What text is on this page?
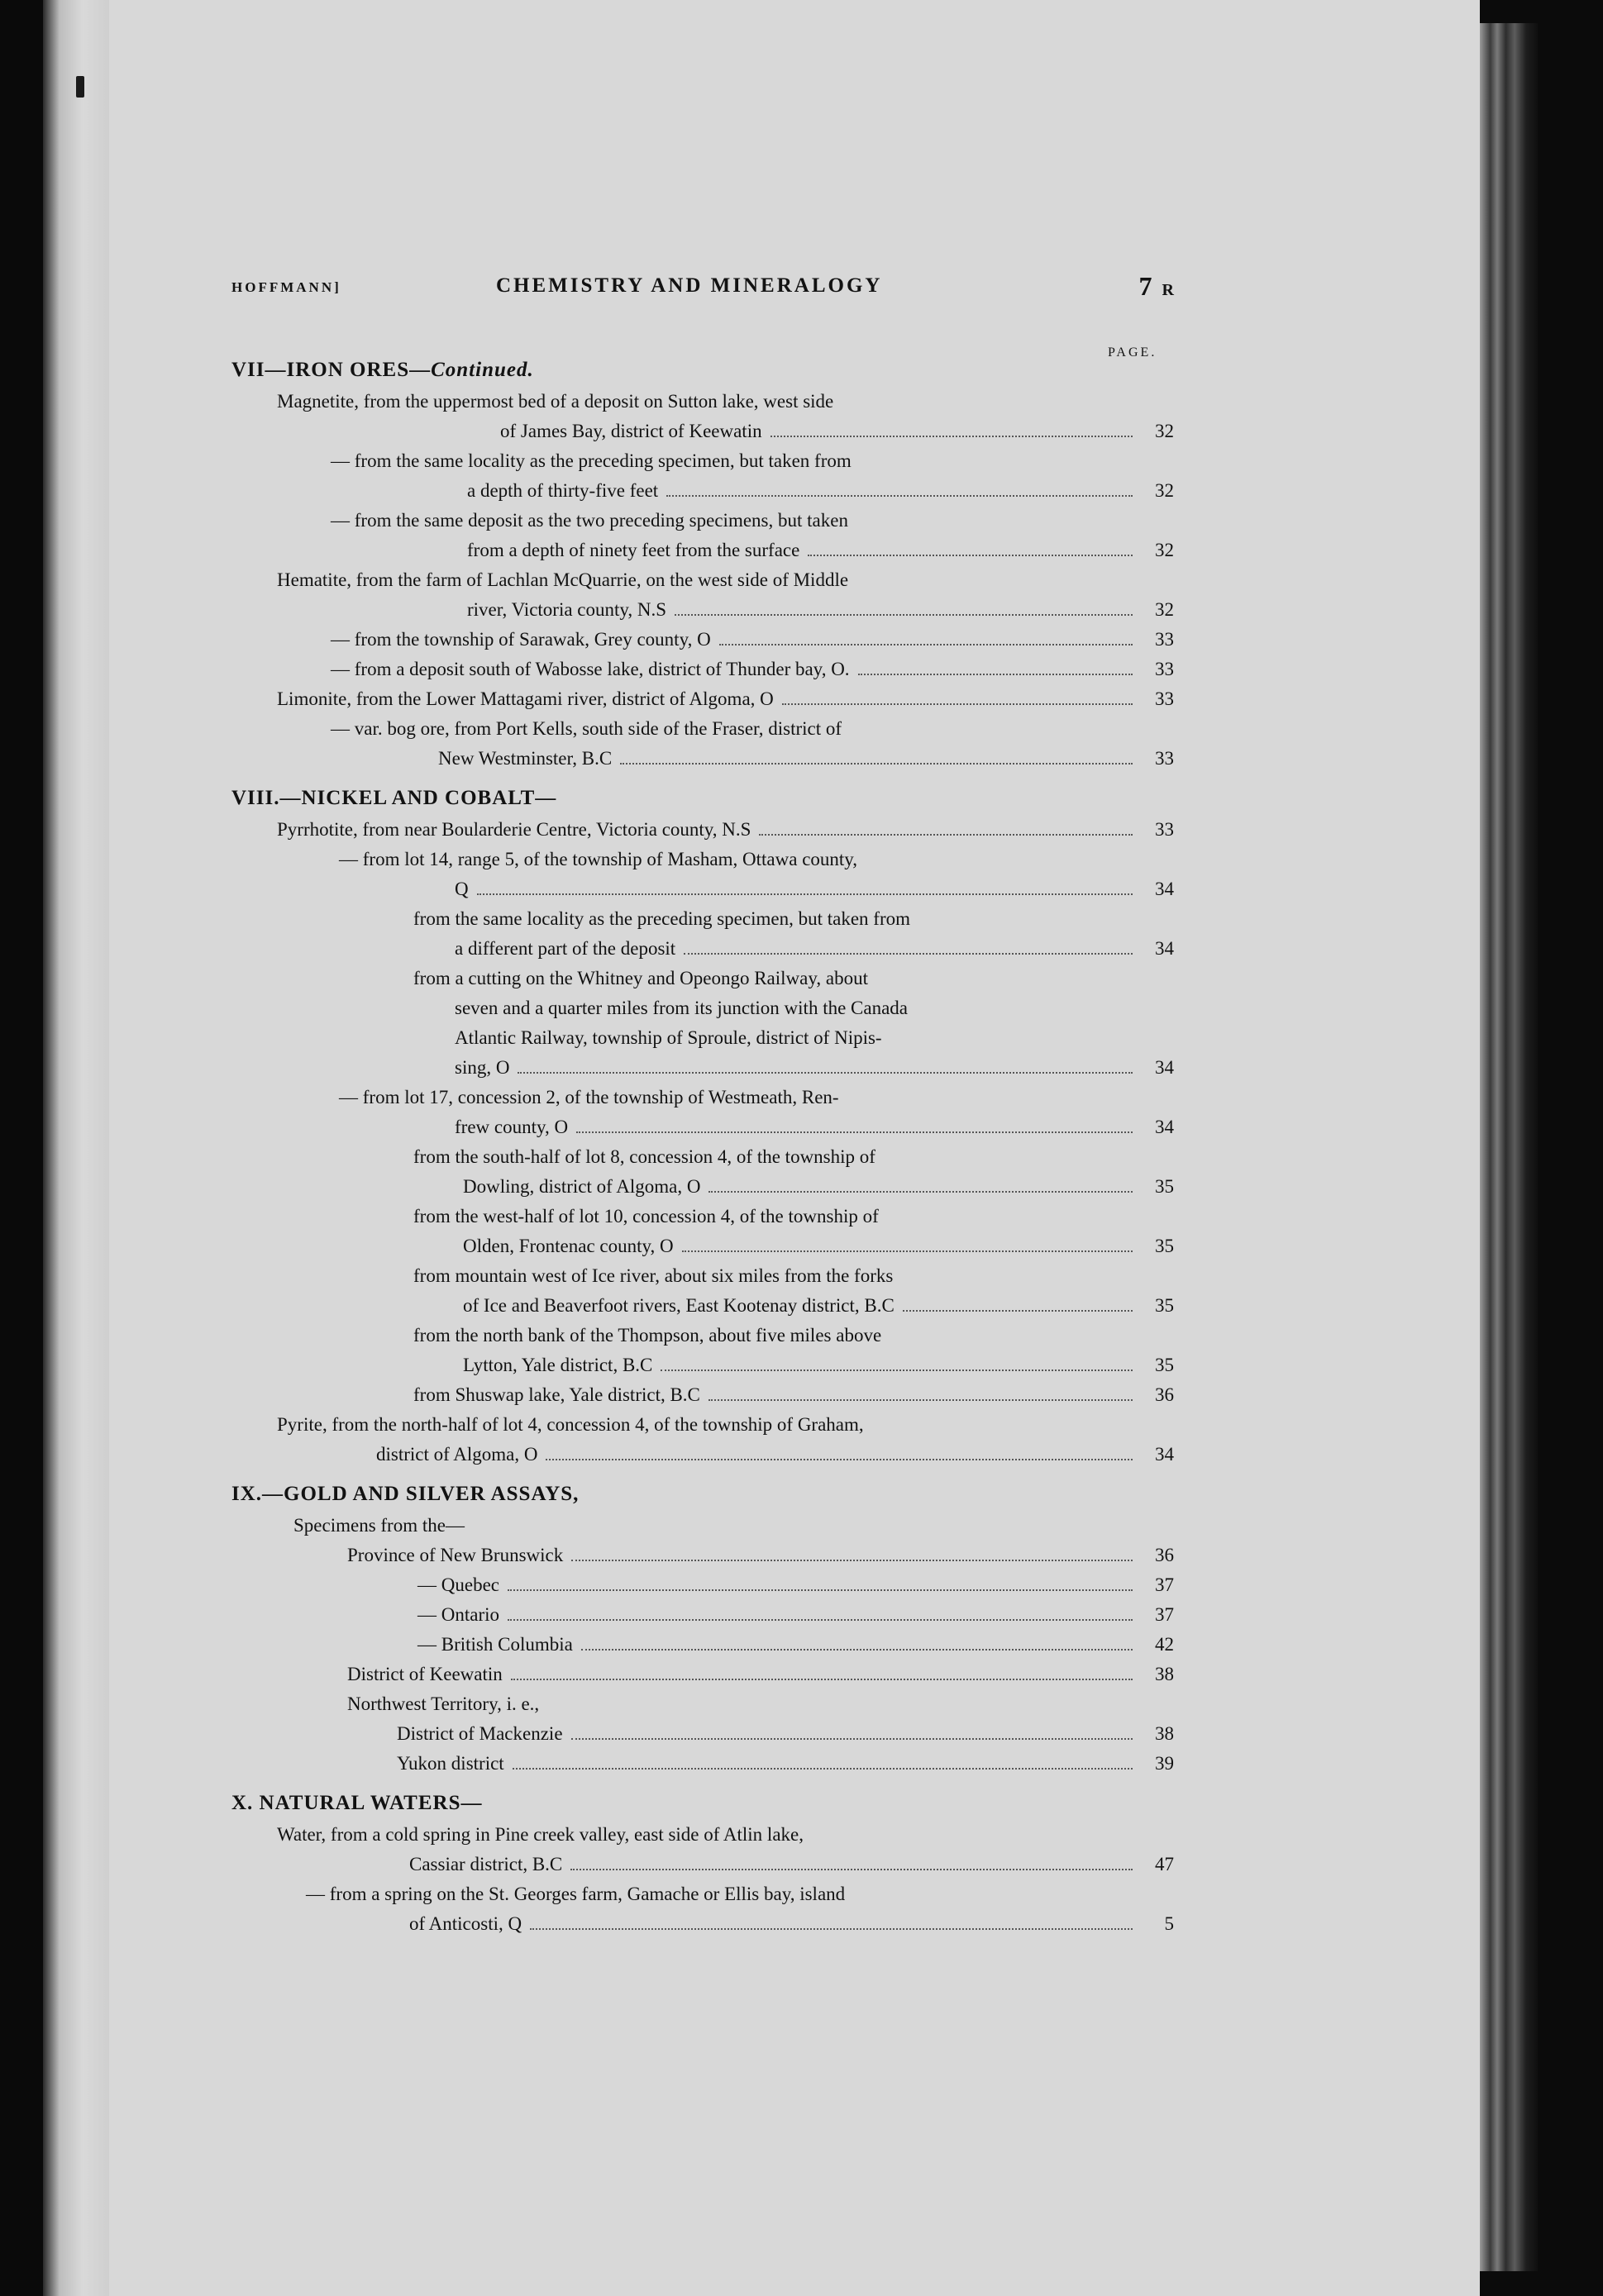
HOFFMANN]	CHEMISTRY AND MINERALOGY	7 R
PAGE.
VII—IRON ORES—Continued.
Magnetite, from the uppermost bed of a deposit on Sutton lake, west side
of James Bay, district of Keewatin	32
— from the same locality as the preceding specimen, but taken from
a depth of thirty-five feet	32
— from the same deposit as the two preceding specimens, but taken
from a depth of ninety feet from the surface	32
Hematite, from the farm of Lachlan McQuarrie, on the west side of Middle
river, Victoria county, N.S	32
— from the township of Sarawak, Grey county, O	33
— from a deposit south of Wabosse lake, district of Thunder bay, O.	33
Limonite, from the Lower Mattagami river, district of Algoma, O	33
— var. bog ore, from Port Kells, south side of the Fraser, district of
New Westminster, B.C	33
VIII.—NICKEL AND COBALT—
Pyrrhotite, from near Boularderie Centre, Victoria county, N.S	33
— from lot 14, range 5, of the township of Masham, Ottawa county,
Q	34
from the same locality as the preceding specimen, but taken from
a different part of the deposit	34
from a cutting on the Whitney and Opeongo Railway, about
seven and a quarter miles from its junction with the Canada
Atlantic Railway, township of Sproule, district of Nipis-
sing, O	34
— from lot 17, concession 2, of the township of Westmeath, Ren-
frew county, O	34
from the south-half of lot 8, concession 4, of the township of
Dowling, district of Algoma, O	35
from the west-half of lot 10, concession 4, of the township of
Olden, Frontenac county, O	35
from mountain west of Ice river, about six miles from the forks
of Ice and Beaverfoot rivers, East Kootenay district, B.C	35
from the north bank of the Thompson, about five miles above
Lytton, Yale district, B.C	35
from Shuswap lake, Yale district, B.C	36
Pyrite, from the north-half of lot 4, concession 4, of the township of Graham,
district of Algoma, O	34
IX.—GOLD AND SILVER ASSAYS,
Specimens from the—
Province of New Brunswick	36
— Quebec	37
— Ontario	37
— British Columbia	42
District of Keewatin	38
Northwest Territory, i. e.,
District of Mackenzie	38
Yukon district	39
X. NATURAL WATERS—
Water, from a cold spring in Pine creek valley, east side of Atlin lake,
Cassiar district, B.C	47
— from a spring on the St. Georges farm, Gamache or Ellis bay, island
of Anticosti, Q	5
